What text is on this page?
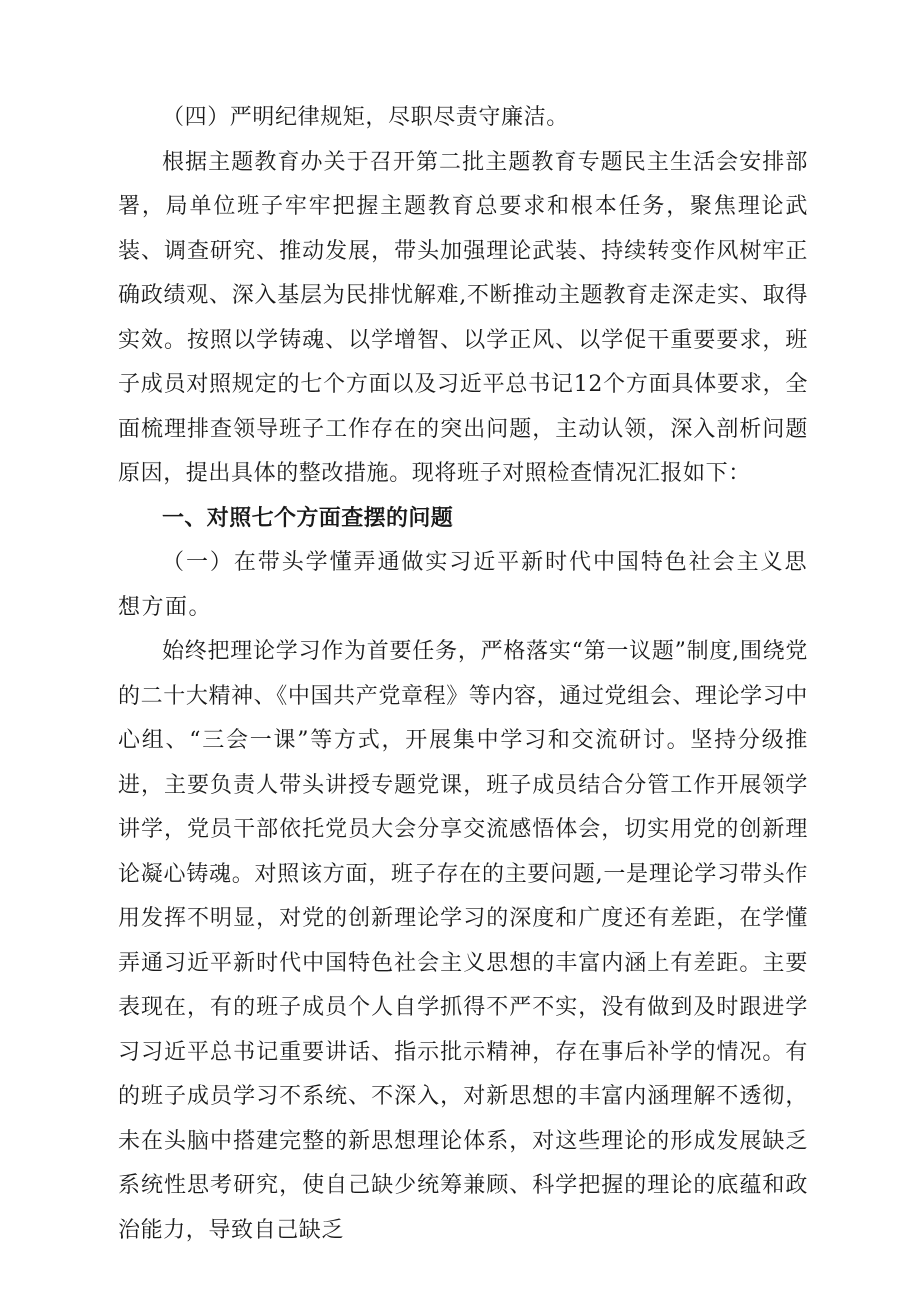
（四）严明纪律规矩，尽职尽责守廉洁。

根据主题教育办关于召开第二批主题教育专题民主生活会安排部署，局单位班子牢牢把握主题教育总要求和根本任务，聚焦理论武装、调查研究、推动发展，带头加强理论武装、持续转变作风树牢正确政绩观、深入基层为民排忧解难,不断推动主题教育走深走实、取得实效。按照以学铸魂、以学增智、以学正风、以学促干重要要求，班子成员对照规定的七个方面以及习近平总书记12个方面具体要求，全面梳理排查领导班子工作存在的突出问题，主动认领，深入剖析问题原因，提出具体的整改措施。现将班子对照检查情况汇报如下：

一、对照七个方面查摆的问题

（一）在带头学懂弄通做实习近平新时代中国特色社会主义思想方面。

始终把理论学习作为首要任务，严格落实“第一议题”制度,围绕党的二十大精神、《中国共产党章程》等内容，通过党组会、理论学习中心组、“三会一课”等方式，开展集中学习和交流研讨。坚持分级推进，主要负责人带头讲授专题党课，班子成员结合分管工作开展领学讲学，党员干部依托党员大会分享交流感悟体会，切实用党的创新理论凝心铸魂。对照该方面，班子存在的主要问题,一是理论学习带头作用发挥不明显，对党的创新理论学习的深度和广度还有差距，在学懂弄通习近平新时代中国特色社会主义思想的丰富内涵上有差距。主要表现在，有的班子成员个人自学抓得不严不实，没有做到及时跟进学习习近平总书记重要讲话、指示批示精神，存在事后补学的情况。有的班子成员学习不系统、不深入，对新思想的丰富内涵理解不透彻，未在头脑中搭建完整的新思想理论体系，对这些理论的形成发展缺乏系统性思考研究，使自己缺少统筹兼顾、科学把握的理论的底蕴和政治能力，导致自己缺乏
